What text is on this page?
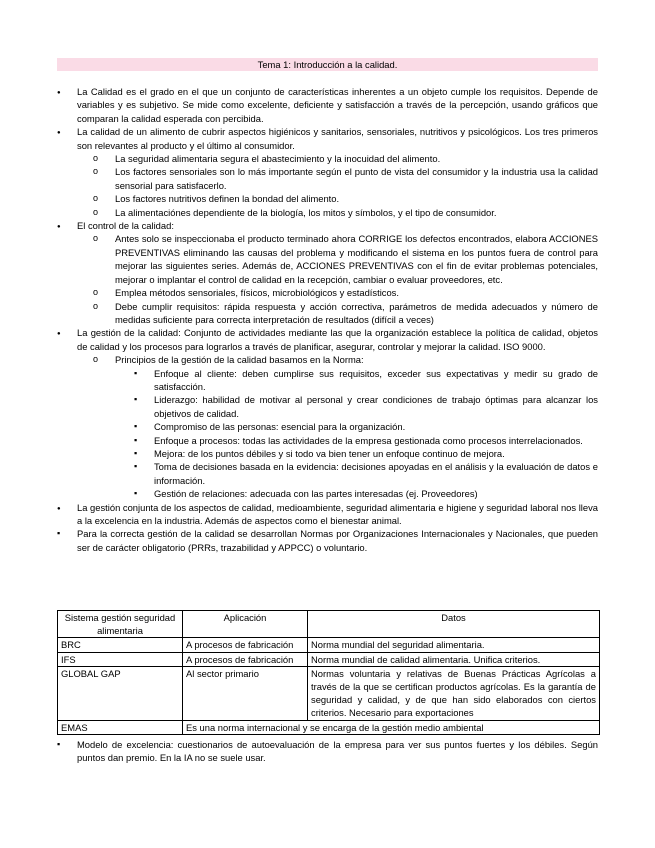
Tema 1: Introducción a la calidad.
●
La Calidad es el grado en el que un conjunto de características inherentes a un objeto cumple los requisitos. Depende de variables y es subjetivo. Se mide como excelente, deficiente y satisfacción a través de la percepción, usando gráficos que comparan la calidad esperada con percibida.
●
La calidad de un alimento de cubrir aspectos higiénicos y sanitarios, sensoriales, nutritivos y psicológicos. Los tres primeros son relevantes al producto y el último al consumidor.
o
La seguridad alimentaria segura el abastecimiento y la inocuidad del alimento.
o
Los factores sensoriales son lo más importante según el punto de vista del consumidor y la industria usa la calidad sensorial para satisfacerlo.
o
Los factores nutritivos definen la bondad del alimento.
o
La alimentaciónes dependiente de la biología, los mitos y símbolos, y el tipo de consumidor.
●
El control de la calidad:
o
Antes solo se inspeccionaba el producto terminado ahora CORRIGE los defectos encontrados, elabora ACCIONES PREVENTIVAS eliminando las causas del problema y modificando el sistema en los puntos fuera de control para mejorar las siguientes series. Además de, ACCIONES PREVENTIVAS con el fin de evitar problemas potenciales, mejorar o implantar el control de calidad en la recepción, cambiar o evaluar proveedores, etc.
o
Emplea métodos sensoriales, físicos, microbiológicos y estadísticos.
o
Debe cumplir requisitos: rápida respuesta y acción correctiva, parámetros de medida adecuados y número de medidas suficiente para correcta interpretación de resultados (difícil a veces)
●
La gestión de la calidad: Conjunto de actividades mediante las que la organización establece la política de calidad, objetos de calidad y los procesos para lograrlos a través de planificar, asegurar, controlar y mejorar la calidad. ISO 9000.
o
Principios de la gestión de la calidad basamos en la Norma:
▪
Enfoque al cliente: deben cumplirse sus requisitos, exceder sus expectativas y medir su grado de satisfacción.
▪
Liderazgo: habilidad de motivar al personal y crear condiciones de trabajo óptimas para alcanzar los objetivos de calidad.
▪
Compromiso de las personas: esencial para la organización.
▪
Enfoque a procesos: todas las actividades de la empresa gestionada como procesos interrelacionados.
▪
Mejora: de los puntos débiles y si todo va bien tener un enfoque continuo de mejora.
▪
Toma de decisiones basada en la evidencia: decisiones apoyadas en el análisis y la evaluación de datos e información.
▪
Gestión de relaciones: adecuada con las partes interesadas (ej. Proveedores)
●
La gestión conjunta de los aspectos de calidad, medioambiente, seguridad alimentaria e higiene y seguridad laboral nos lleva a la excelencia en la industria. Además de aspectos como el bienestar animal.
▪
Para la correcta gestión de la calidad se desarrollan Normas por Organizaciones Internacionales y Nacionales, que pueden ser de carácter obligatorio (PRRs, trazabilidad y APPCC) o voluntario.
Sistema gestión seguridad alimentaria	Aplicación	Datos
BRC	A procesos de fabricación	Norma mundial del seguridad alimentaria.
IFS	A procesos de fabricación	Norma mundial de calidad alimentaria. Unifica criterios.
GLOBAL GAP	Al sector primario	Normas voluntaria y relativas de Buenas Prácticas Agrícolas a través de la que se certifican productos agrícolas. Es la garantía de seguridad y calidad, y de que han sido elaborados con ciertos criterios. Necesario para exportaciones
EMAS	Es una norma internacional y se encarga de la gestión medio ambiental	
▪
Modelo de excelencia: cuestionarios de autoevaluación de la empresa para ver sus puntos fuertes y los débiles. Según puntos dan premio. En la IA no se suele usar.
